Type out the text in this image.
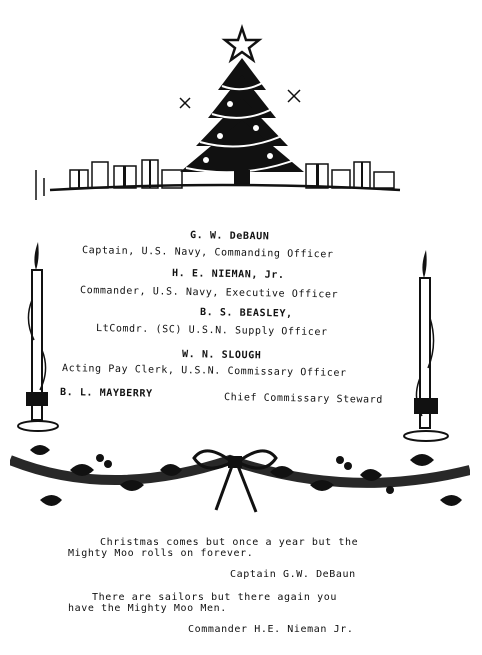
G. W. DeBAUN
Captain, U.S. Navy, Commanding Officer
H. E. NIEMAN, Jr.
Commander, U.S. Navy, Executive Officer
B. S. BEASLEY,
LtComdr. (SC) U.S.N. Supply Officer
W. N. SLOUGH
Acting Pay Clerk, U.S.N. Commissary Officer
B. L. MAYBERRY	Chief Commissary Steward
Christmas comes but once a year but the
Mighty Moo rolls on forever.
Captain G.W. DeBaun
There are sailors but there again you
have the Mighty Moo Men.
Commander H.E. Nieman Jr.
